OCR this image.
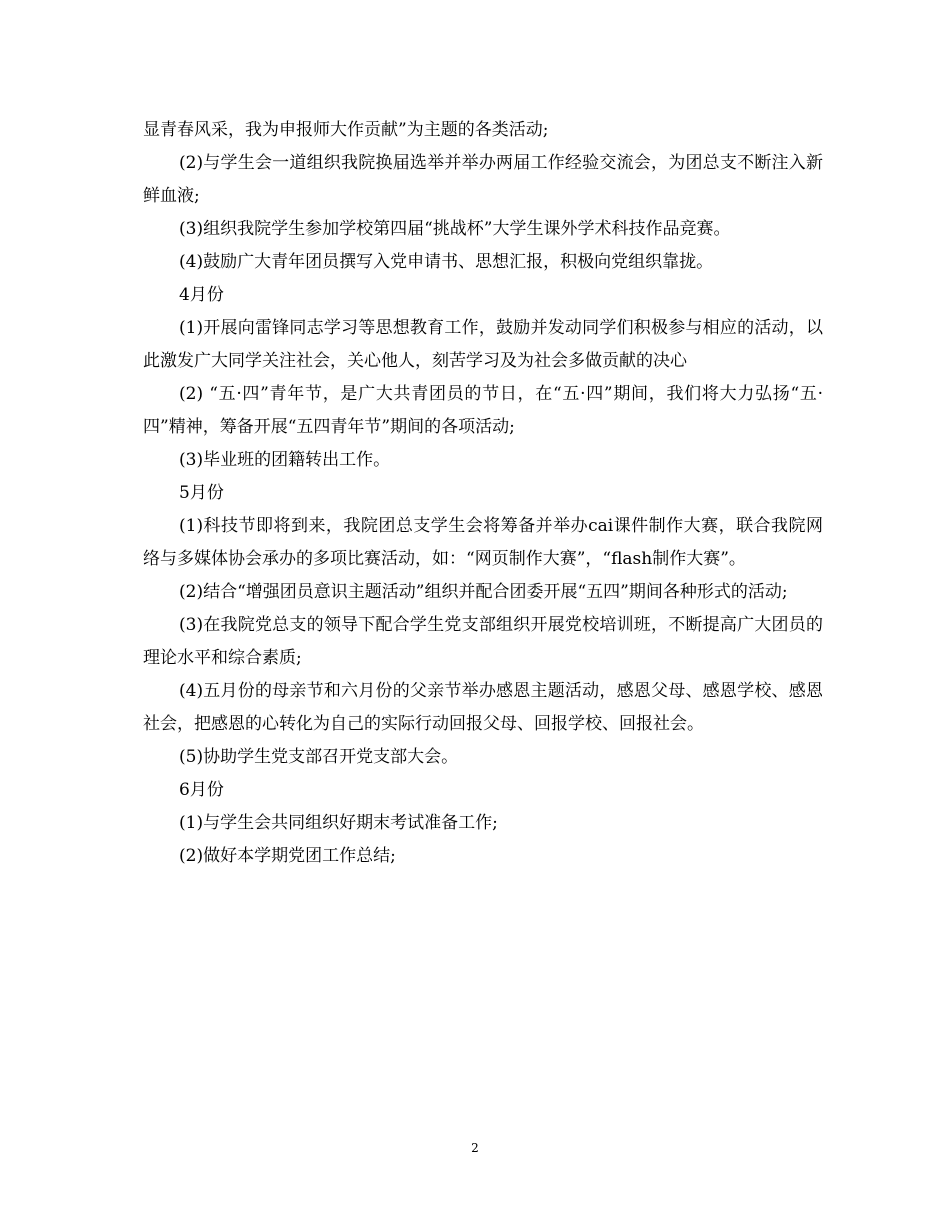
显青春风采，我为申报师大作贡献”为主题的各类活动;

(2)与学生会一道组织我院换届选举并举办两届工作经验交流会，为团总支不断注入新鲜血液;

(3)组织我院学生参加学校第四届“挑战杯”大学生课外学术科技作品竞赛。

(4)鼓励广大青年团员撰写入党申请书、思想汇报，积极向党组织靠拢。

4月份

(1)开展向雷锋同志学习等思想教育工作，鼓励并发动同学们积极参与相应的活动，以此激发广大同学关注社会，关心他人，刻苦学习及为社会多做贡献的决心

(2) “五·四”青年节，是广大共青团员的节日，在“五·四”期间，我们将大力弘扬“五·四”精神，筹备开展“五四青年节”期间的各项活动;

(3)毕业班的团籍转出工作。

5月份

(1)科技节即将到来，我院团总支学生会将筹备并举办cai课件制作大赛，联合我院网络与多媒体协会承办的多项比赛活动，如：“网页制作大赛”，“flash制作大赛”。

(2)结合“增强团员意识主题活动”组织并配合团委开展“五四”期间各种形式的活动;

(3)在我院党总支的领导下配合学生党支部组织开展党校培训班，不断提高广大团员的理论水平和综合素质;

(4)五月份的母亲节和六月份的父亲节举办感恩主题活动，感恩父母、感恩学校、感恩社会，把感恩的心转化为自己的实际行动回报父母、回报学校、回报社会。

(5)协助学生党支部召开党支部大会。

6月份

(1)与学生会共同组织好期末考试准备工作;

(2)做好本学期党团工作总结;

2
